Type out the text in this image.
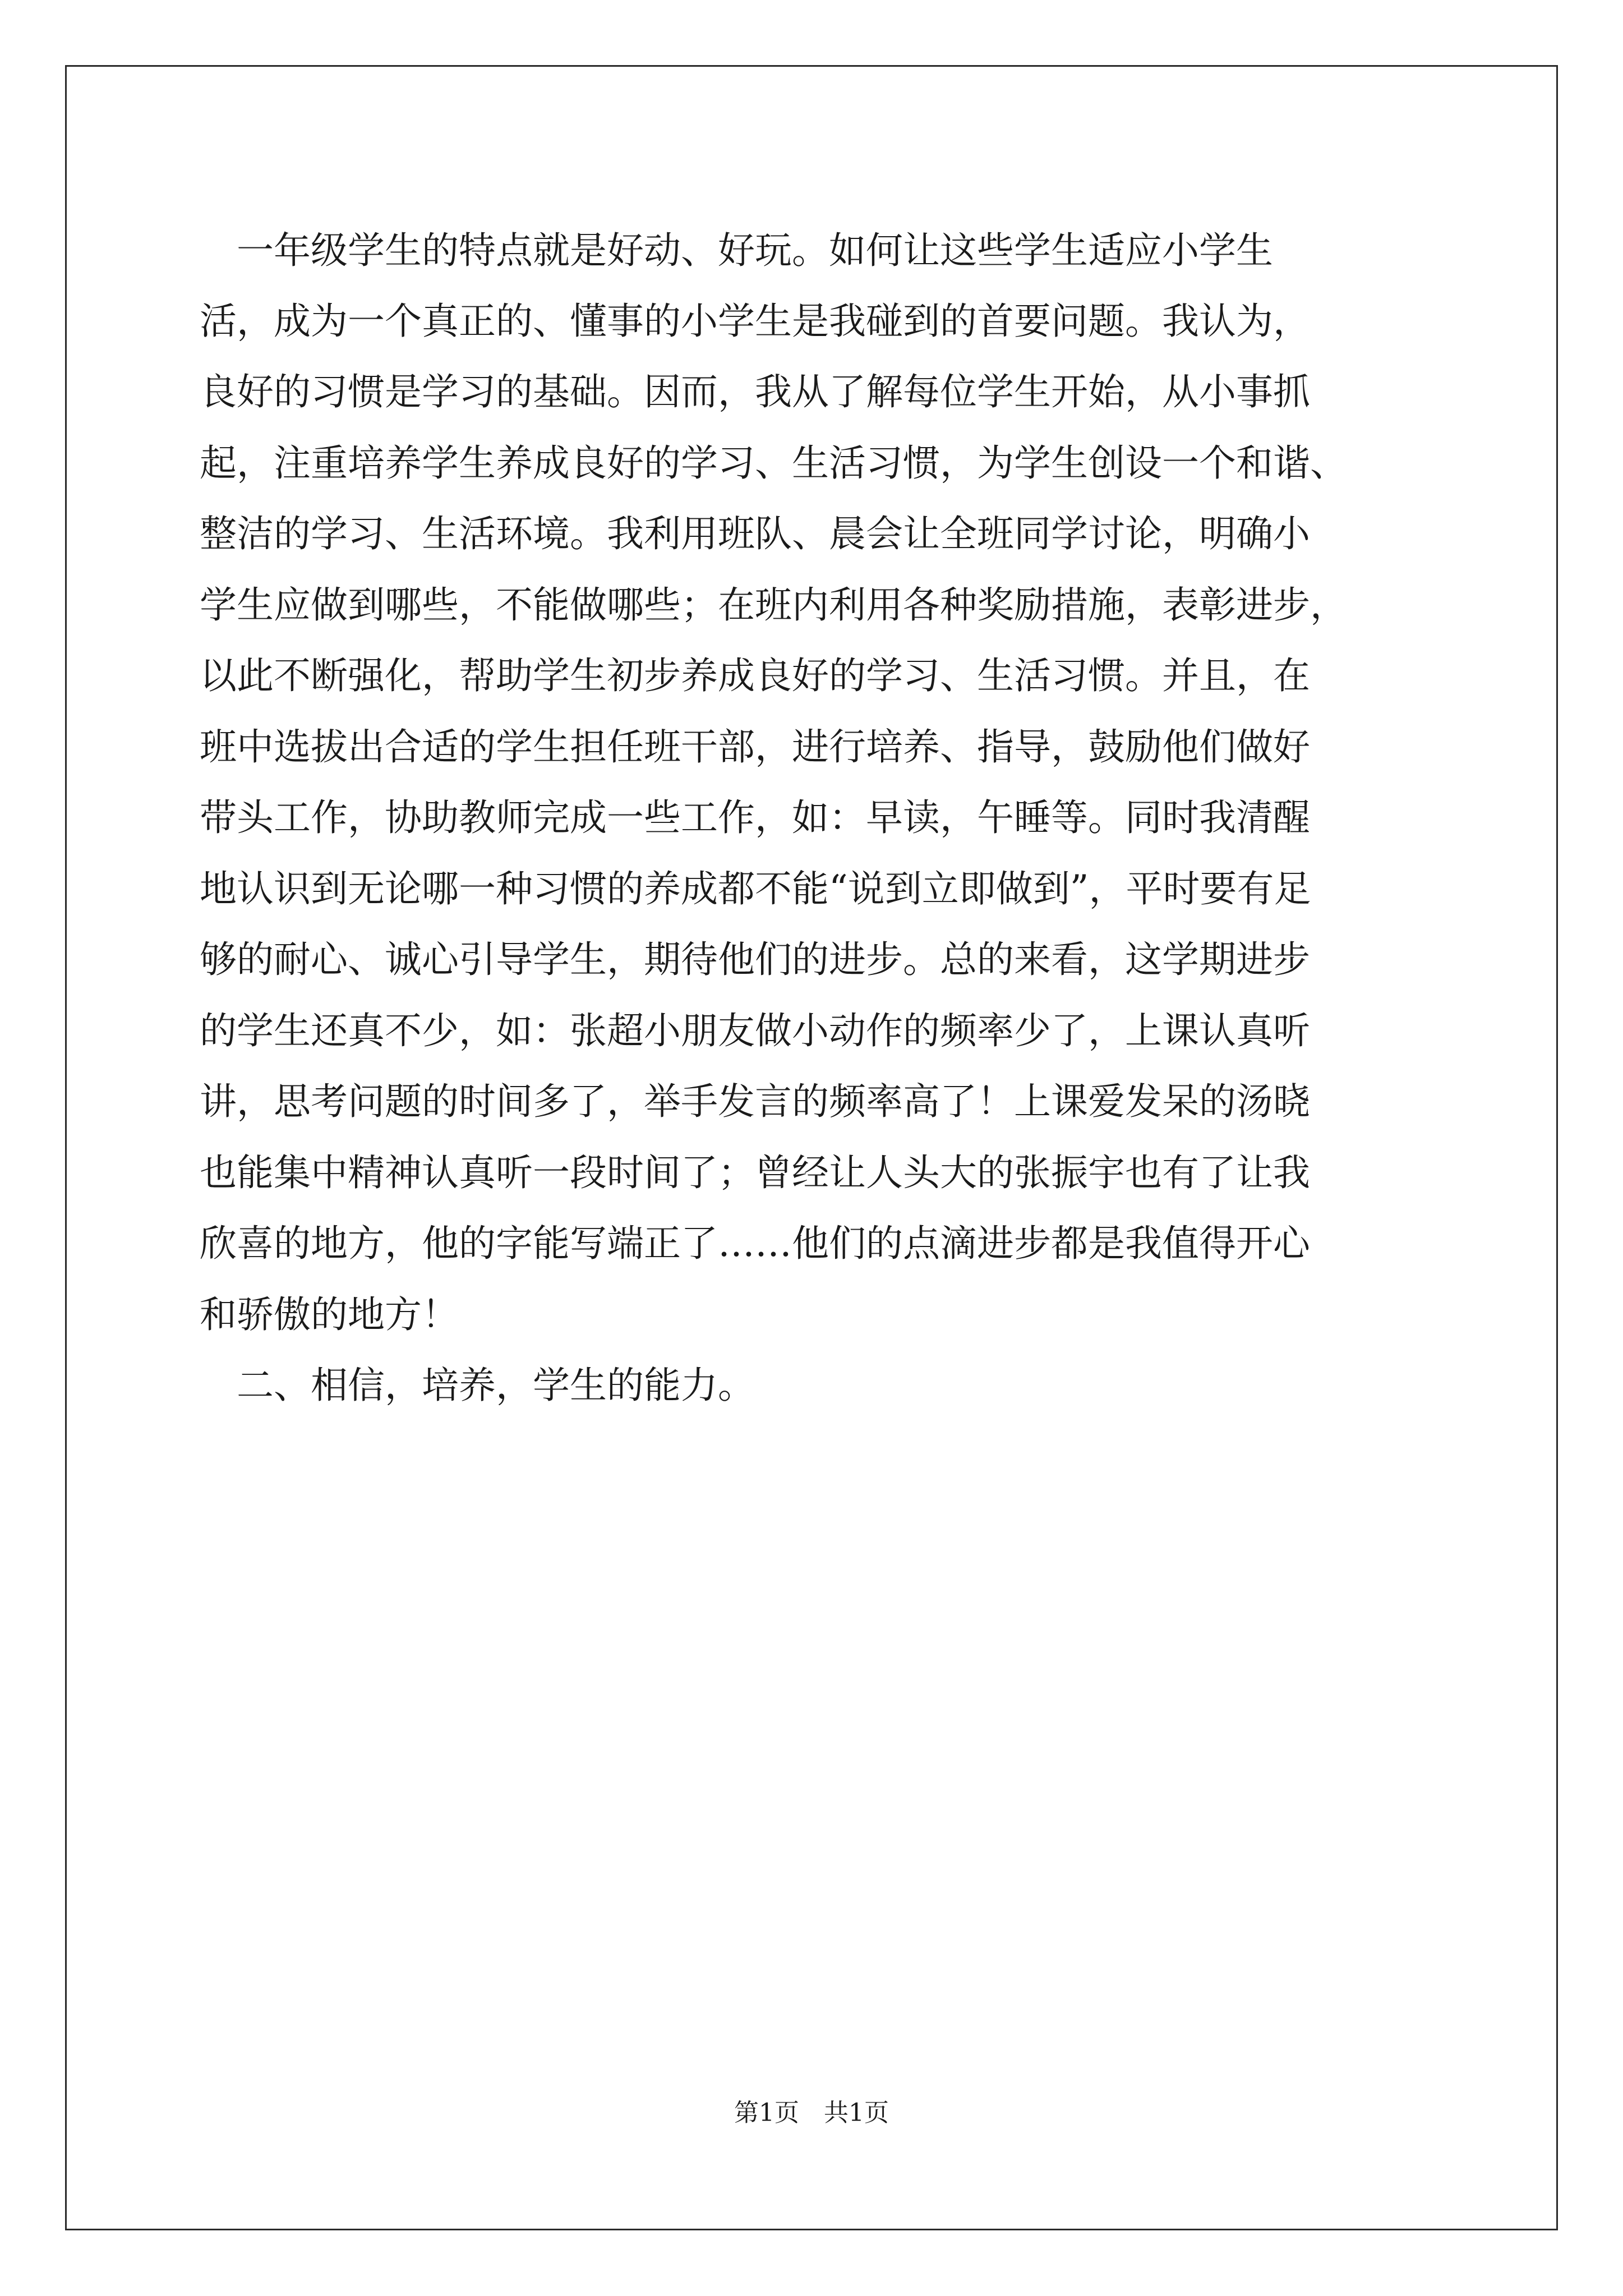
　一年级学生的特点就是好动、好玩。如何让这些学生适应小学生
活，成为一个真正的、懂事的小学生是我碰到的首要问题。我认为，
良好的习惯是学习的基础。因而，我从了解每位学生开始，从小事抓
起，注重培养学生养成良好的学习、生活习惯，为学生创设一个和谐、
整洁的学习、生活环境。我利用班队、晨会让全班同学讨论，明确小
学生应做到哪些，不能做哪些；在班内利用各种奖励措施，表彰进步，
以此不断强化，帮助学生初步养成良好的学习、生活习惯。并且，在
班中选拔出合适的学生担任班干部，进行培养、指导，鼓励他们做好
带头工作，协助教师完成一些工作，如：早读，午睡等。同时我清醒
地认识到无论哪一种习惯的养成都不能“说到立即做到”，平时要有足
够的耐心、诚心引导学生，期待他们的进步。总的来看，这学期进步
的学生还真不少，如：张超小朋友做小动作的频率少了，上课认真听
讲，思考问题的时间多了，举手发言的频率高了！上课爱发呆的汤晓
也能集中精神认真听一段时间了；曾经让人头大的张振宇也有了让我
欣喜的地方，他的字能写端正了……他们的点滴进步都是我值得开心
和骄傲的地方！
　二、相信，培养，学生的能力。
第1页　共1页
